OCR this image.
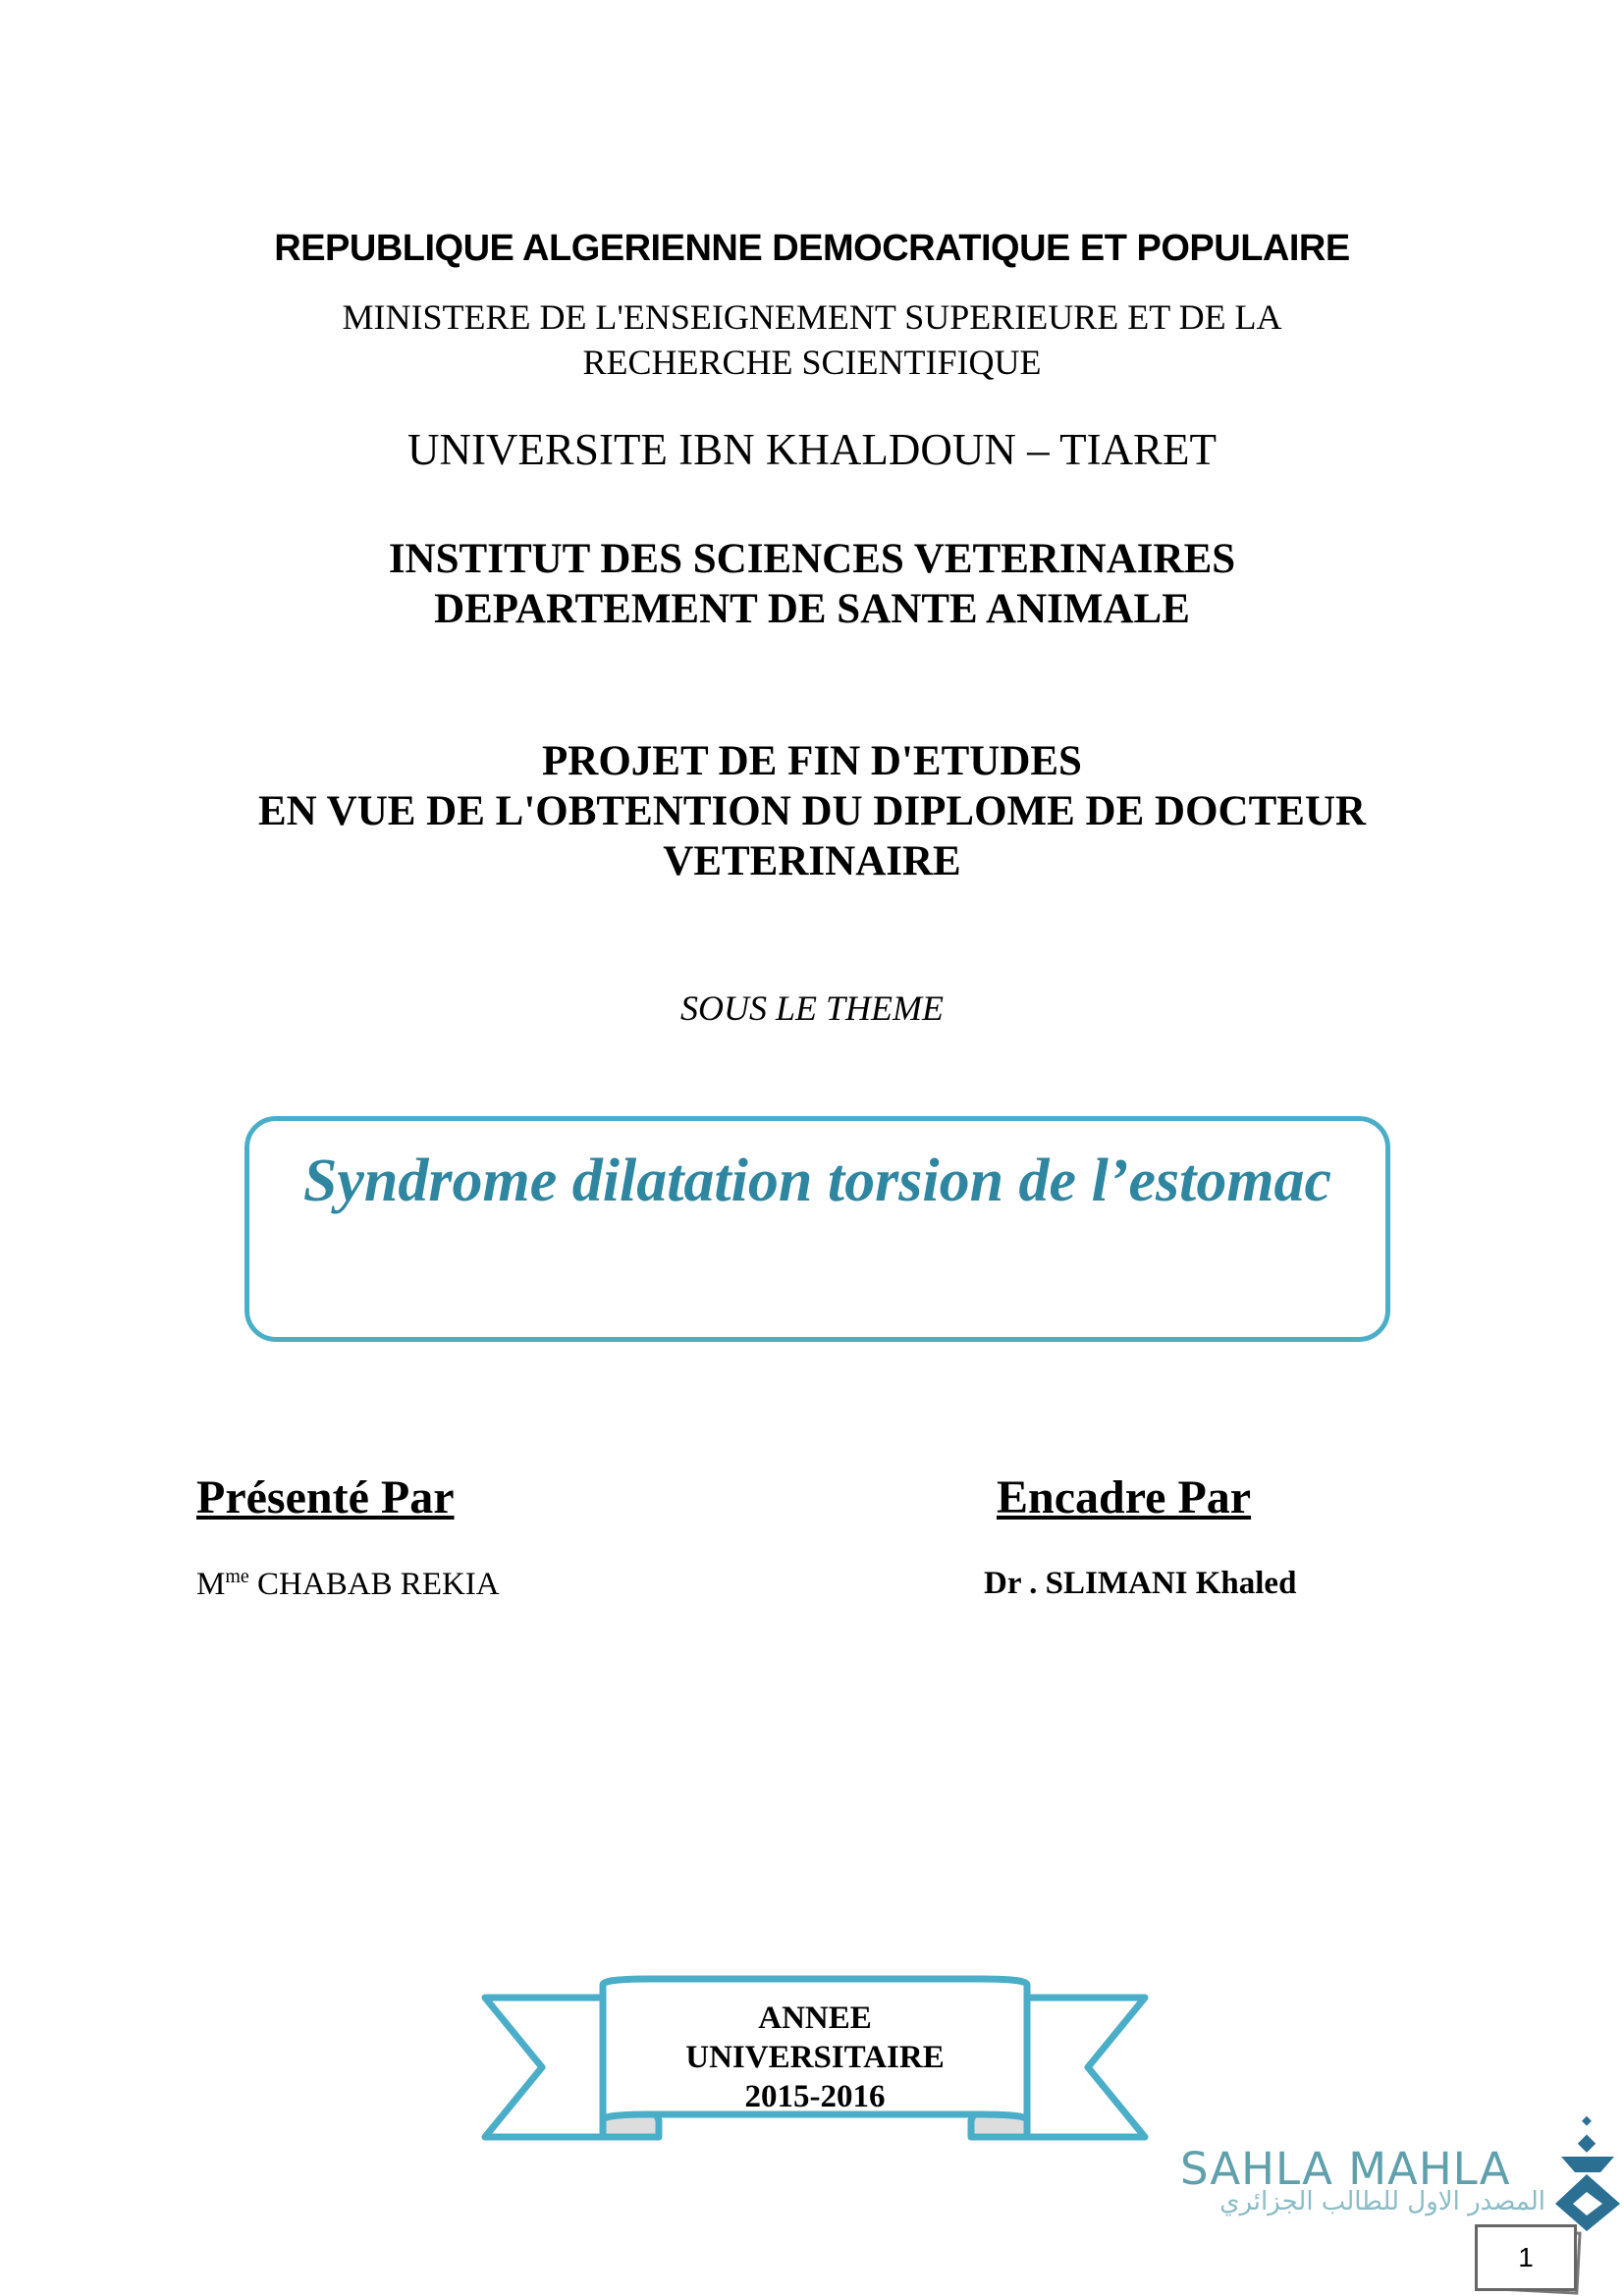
REPUBLIQUE ALGERIENNE DEMOCRATIQUE ET POPULAIRE
MINISTERE DE L'ENSEIGNEMENT SUPERIEURE ET DE LA
RECHERCHE SCIENTIFIQUE
UNIVERSITE IBN KHALDOUN – TIARET
INSTITUT DES SCIENCES VETERINAIRES
DEPARTEMENT DE SANTE ANIMALE
PROJET DE FIN D'ETUDES
EN VUE DE L'OBTENTION DU DIPLOME DE DOCTEUR
VETERINAIRE
SOUS LE THEME
Syndrome dilatation torsion de l’estomac
Présenté Par	Encadre Par
$M^{me}$ CHABAB REKIA	Dr . SLIMANI Khaled
ANNEE
UNIVERSITAIRE
2015-2016
SAHLA MAHLA
المصدر الاول للطالب الجزائري
1
